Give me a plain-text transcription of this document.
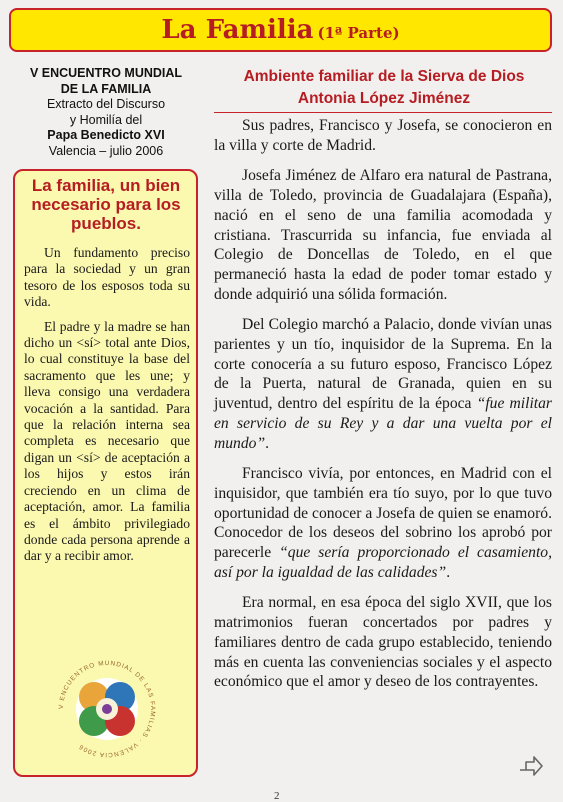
La Familia (1ª Parte)
V ENCUENTRO MUNDIAL
DE LA FAMILIA
Extracto del Discurso
y Homilía del
Papa Benedicto XVI
Valencia – julio 2006
La familia, un bien necesario para los pueblos.

Un fundamento preciso para la sociedad y un gran tesoro de los esposos toda su vida.

El padre y la madre se han dicho un <sí> total ante Dios, lo cual constituye la base del sacramento que les une; y lleva consigo una verdadera vocación a la santidad. Para que la relación interna sea completa es necesario que digan un <sí> de aceptación a los hijos y estos irán creciendo en un clima de aceptación, amor. La familia es el ámbito privilegiado donde cada persona aprende a dar y a recibir amor.

V ENCUENTRO MUNDIAL DE LAS FAMILIAS · VALENCIA 2006
Ambiente familiar de la Sierva de Dios
Antonia López Jiménez

Sus padres, Francisco y Josefa, se conocieron en la villa y corte de Madrid.

Josefa Jiménez de Alfaro era natural de Pastrana, villa de Toledo, provincia de Guadalajara (España), nació en el seno de una familia acomodada y cristiana. Trascurrida su infancia, fue enviada al Colegio de Doncellas de Toledo, en el que permaneció hasta la edad de poder tomar estado y donde adquirió una sólida formación.

Del Colegio marchó a Palacio, donde vivían unas parientes y un tío, inquisidor de la Suprema. En la corte conocería a su futuro esposo, Francisco López de la Puerta, natural de Granada, quien en su juventud, dentro del espíritu de la época “fue militar en servicio de su Rey y a dar una vuelta por el mundo”.

Francisco vivía, por entonces, en Madrid con el inquisidor, que también era tío suyo, por lo que tuvo oportunidad de conocer a Josefa de quien se enamoró. Conocedor de los deseos del sobrino los aprobó por parecerle “que sería proporcionado el casamiento, así por la igualdad de las calidades”.

Era normal, en esa época del siglo XVII, que los matrimonios fueran concertados por padres y familiares dentro de cada grupo establecido, teniendo más en cuenta las conveniencias sociales y el aspecto económico que el amor y deseo de los contrayentes.

2
